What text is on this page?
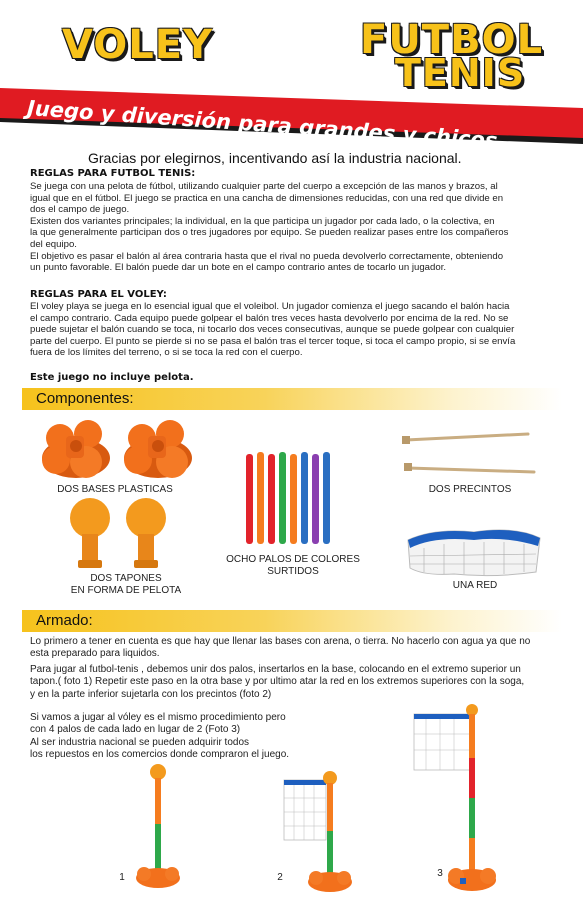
VOLEY	FUTBOL
TENIS
Juego y diversión para grandes y chicos
Gracias por elegirnos, incentivando así la industria nacional.
REGLAS PARA FUTBOL TENIS:
Se juega con una pelota de fútbol, utilizando cualquier parte del cuerpo a excepción de las manos y brazos, al
igual que en el fútbol. El juego se practica en una cancha de dimensiones reducidas, con una red que divide en
dos el campo de juego.
Existen dos variantes principales; la individual, en la que participa un jugador por cada lado, o la colectiva, en
la que generalmente participan dos o tres jugadores por equipo. Se pueden realizar pases entre los compañeros
del equipo.
El objetivo es pasar el balón al área contraria hasta que el rival no pueda devolverlo correctamente, obteniendo
un punto favorable. El balón puede dar un bote en el campo contrario antes de tocarlo un jugador.
REGLAS PARA EL VOLEY:
El voley playa se juega en lo esencial igual que el voleibol. Un jugador comienza el juego sacando el balón hacia
el campo contrario. Cada equipo puede golpear el balón tres veces hasta devolverlo por encima de la red. No se
puede sujetar el balón cuando se toca, ni tocarlo dos veces consecutivas, aunque se puede golpear con cualquier
parte del cuerpo. El punto se pierde si no se pasa el balón tras el tercer toque, si toca el campo propio, si se envía
fuera de los límites del terreno, o si se toca la red con el cuerpo.
Este juego no incluye pelota.
Componentes:
DOS BASES PLASTICAS
DOS TAPONES
EN FORMA DE PELOTA
OCHO PALOS DE COLORES
SURTIDOS
DOS PRECINTOS
UNA RED
Armado:
Lo primero a tener en cuenta es que hay que llenar las bases con arena, o tierra. No hacerlo con agua ya que no
esta preparado para liquidos.
Para jugar al futbol-tenis , debemos unir dos palos, insertarlos en la base, colocando en el extremo superior un
tapon.( foto 1) Repetir este paso en la otra base y por ultimo atar la red en los extremos superiores con la soga,
y en la parte inferior sujetarla con los precintos (foto 2)
Si vamos a jugar al vóley es el mismo procedimiento pero
con 4 palos de cada lado en lugar de 2 (Foto 3)
Al ser industria nacional se pueden adquirir todos
los repuestos en los comercios donde compraron el juego.
1	2	3
